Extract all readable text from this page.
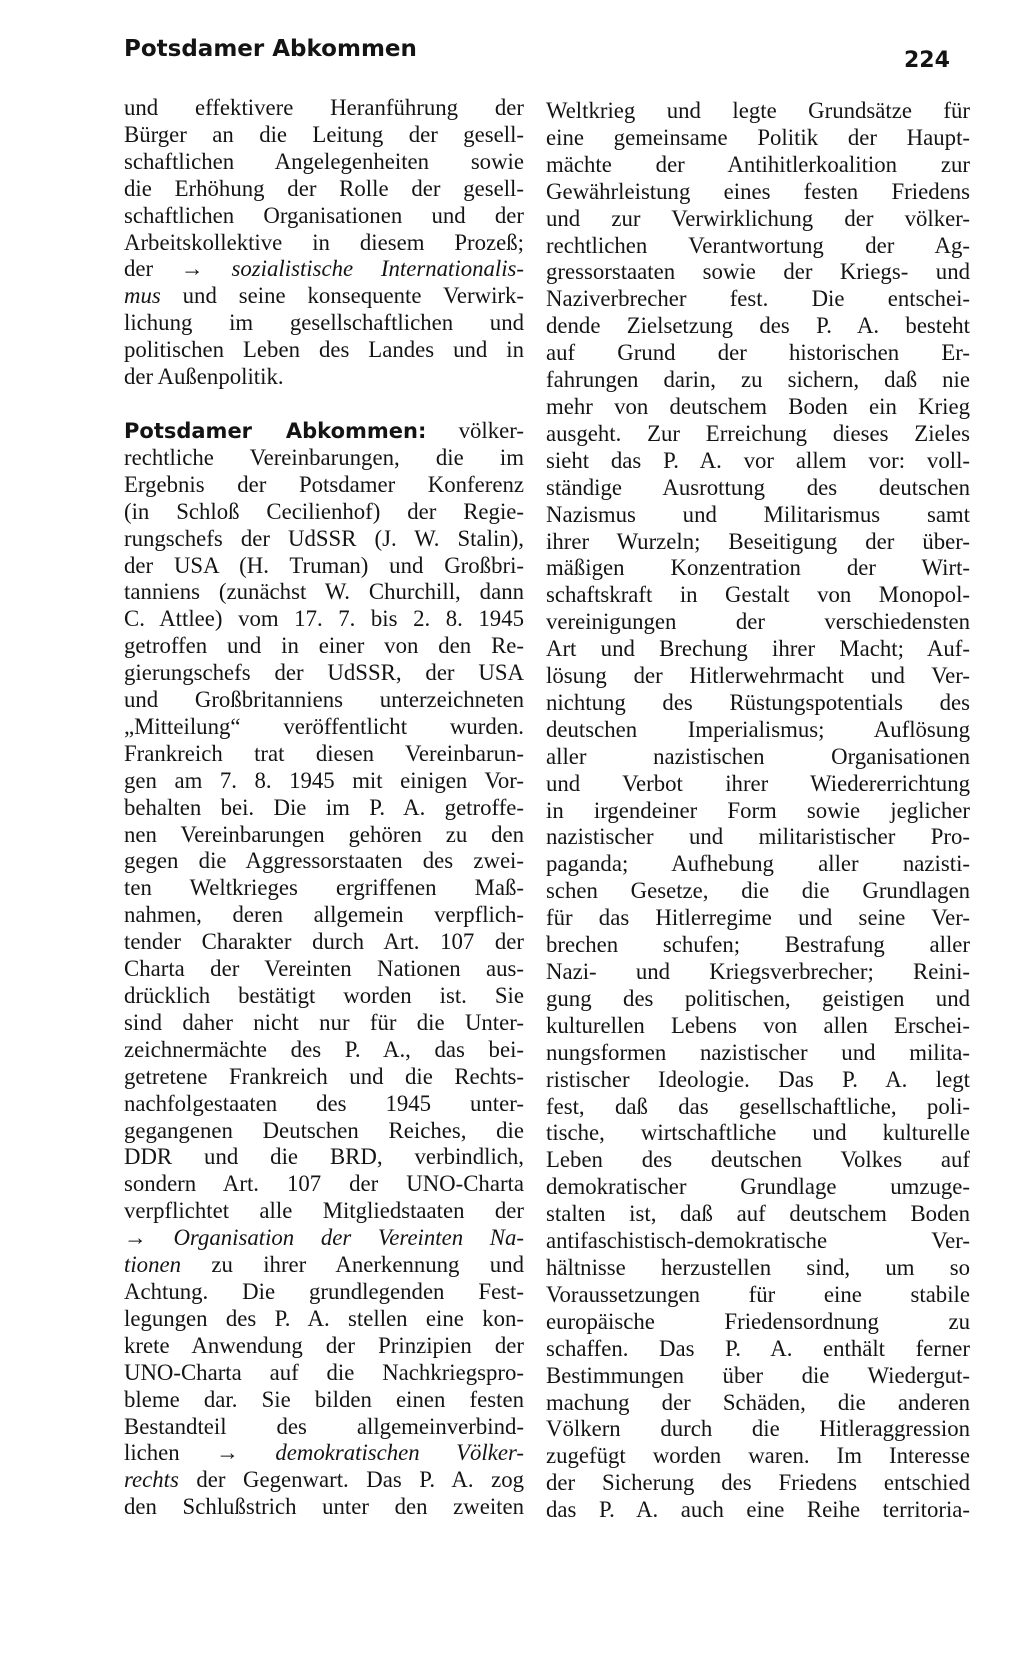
Potsdamer Abkommen	224
und effektivere Heranführung der
Bürger an die Leitung der gesell-
schaftlichen Angelegenheiten sowie
die Erhöhung der Rolle der gesell-
schaftlichen Organisationen und der
Arbeitskollektive in diesem Prozeß;
der → sozialistische Internationalis-
mus und seine konsequente Verwirk-
lichung im gesellschaftlichen und
politischen Leben des Landes und in
der Außenpolitik.
Potsdamer Abkommen: völker-
rechtliche Vereinbarungen, die im
Ergebnis der Potsdamer Konferenz
(in Schloß Cecilienhof) der Regie-
rungschefs der UdSSR (J. W. Stalin),
der USA (H. Truman) und Großbri-
tanniens (zunächst W. Churchill, dann
C. Attlee) vom 17. 7. bis 2. 8. 1945
getroffen und in einer von den Re-
gierungschefs der UdSSR, der USA
und Großbritanniens unterzeichneten
„Mitteilung“ veröffentlicht wurden.
Frankreich trat diesen Vereinbarun-
gen am 7. 8. 1945 mit einigen Vor-
behalten bei. Die im P. A. getroffe-
nen Vereinbarungen gehören zu den
gegen die Aggressorstaaten des zwei-
ten Weltkrieges ergriffenen Maß-
nahmen, deren allgemein verpflich-
tender Charakter durch Art. 107 der
Charta der Vereinten Nationen aus-
drücklich bestätigt worden ist. Sie
sind daher nicht nur für die Unter-
zeichnermächte des P. A., das bei-
getretene Frankreich und die Rechts-
nachfolgestaaten des 1945 unter-
gegangenen Deutschen Reiches, die
DDR und die BRD, verbindlich,
sondern Art. 107 der UNO-Charta
verpflichtet alle Mitgliedstaaten der
→ Organisation der Vereinten Na-
tionen zu ihrer Anerkennung und
Achtung. Die grundlegenden Fest-
legungen des P. A. stellen eine kon-
krete Anwendung der Prinzipien der
UNO-Charta auf die Nachkriegspro-
bleme dar. Sie bilden einen festen
Bestandteil des allgemeinverbind-
lichen → demokratischen Völker-
rechts der Gegenwart. Das P. A. zog
den Schlußstrich unter den zweiten
Weltkrieg und legte Grundsätze für
eine gemeinsame Politik der Haupt-
mächte der Antihitlerkoalition zur
Gewährleistung eines festen Friedens
und zur Verwirklichung der völker-
rechtlichen Verantwortung der Ag-
gressorstaaten sowie der Kriegs- und
Naziverbrecher fest. Die entschei-
dende Zielsetzung des P. A. besteht
auf Grund der historischen Er-
fahrungen darin, zu sichern, daß nie
mehr von deutschem Boden ein Krieg
ausgeht. Zur Erreichung dieses Zieles
sieht das P. A. vor allem vor: voll-
ständige Ausrottung des deutschen
Nazismus und Militarismus samt
ihrer Wurzeln; Beseitigung der über-
mäßigen Konzentration der Wirt-
schaftskraft in Gestalt von Monopol-
vereinigungen der verschiedensten
Art und Brechung ihrer Macht; Auf-
lösung der Hitlerwehrmacht und Ver-
nichtung des Rüstungspotentials des
deutschen Imperialismus; Auflösung
aller nazistischen Organisationen
und Verbot ihrer Wiedererrichtung
in irgendeiner Form sowie jeglicher
nazistischer und militaristischer Pro-
paganda; Aufhebung aller nazisti-
schen Gesetze, die die Grundlagen
für das Hitlerregime und seine Ver-
brechen schufen; Bestrafung aller
Nazi- und Kriegsverbrecher; Reini-
gung des politischen, geistigen und
kulturellen Lebens von allen Erschei-
nungsformen nazistischer und milita-
ristischer Ideologie. Das P. A. legt
fest, daß das gesellschaftliche, poli-
tische, wirtschaftliche und kulturelle
Leben des deutschen Volkes auf
demokratischer Grundlage umzuge-
stalten ist, daß auf deutschem Boden
antifaschistisch-demokratische Ver-
hältnisse herzustellen sind, um so
Voraussetzungen für eine stabile
europäische Friedensordnung zu
schaffen. Das P. A. enthält ferner
Bestimmungen über die Wiedergut-
machung der Schäden, die anderen
Völkern durch die Hitleraggression
zugefügt worden waren. Im Interesse
der Sicherung des Friedens entschied
das P. A. auch eine Reihe territoria-
